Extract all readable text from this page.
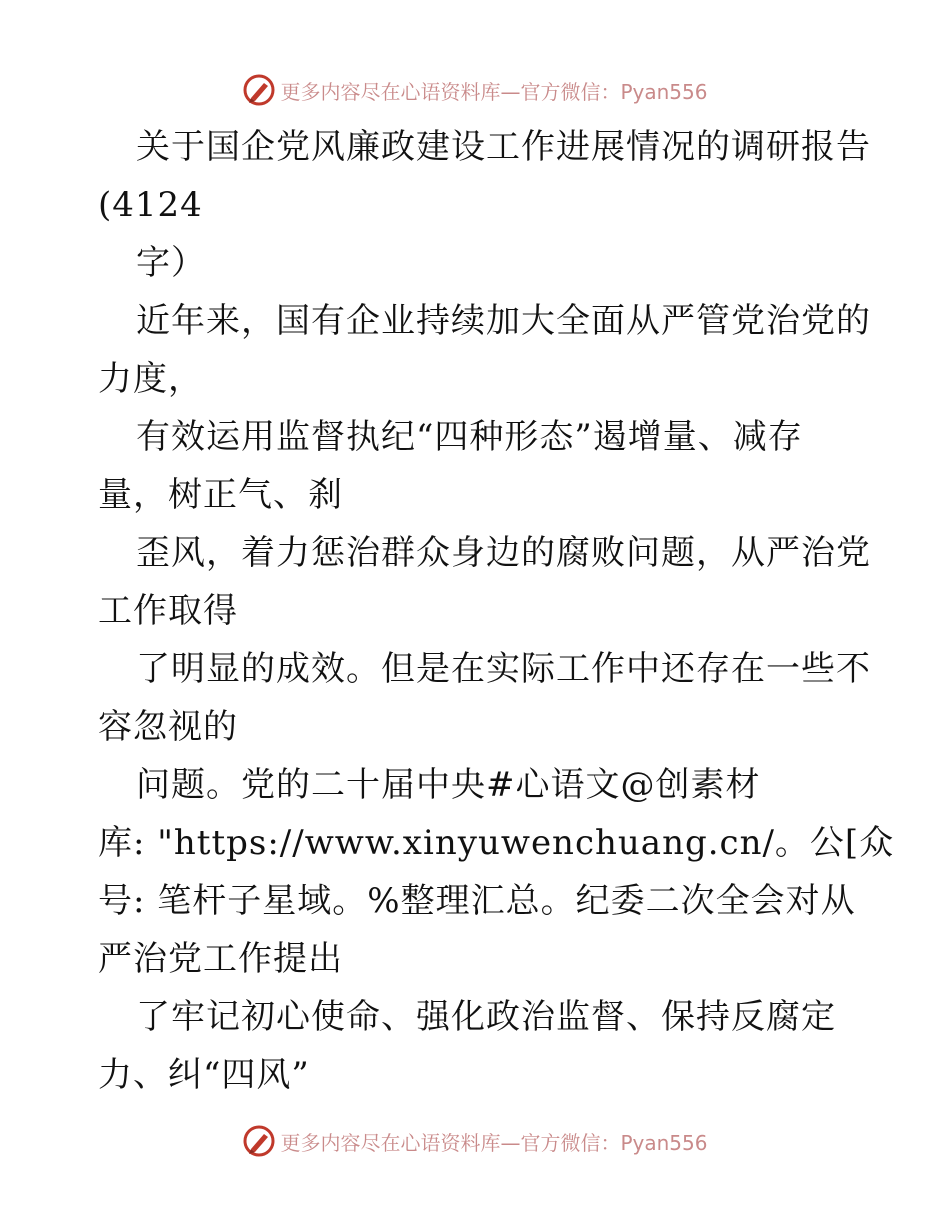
更多内容尽在心语资料库—官方微信：Pyan556
关于国企党风廉政建设工作进展情况的调研报告
(4124
字）
近年来，国有企业持续加大全面从严管党治党的
力度，
有效运用监督执纪“四种形态”遏增量、减存
量，树正气、刹
歪风，着力惩治群众身边的腐败问题，从严治党
工作取得
了明显的成效。但是在实际工作中还存在一些不
容忽视的
问题。党的二十届中央#心语文@创素材
库: "https://www.xinyuwenchuang.cn/。公[众
号: 笔杆子星域。%整理汇总。纪委二次全会对从
严治党工作提出
了牢记初心使命、强化政治监督、保持反腐定
力、纠“四风”
更多内容尽在心语资料库—官方微信：Pyan556
